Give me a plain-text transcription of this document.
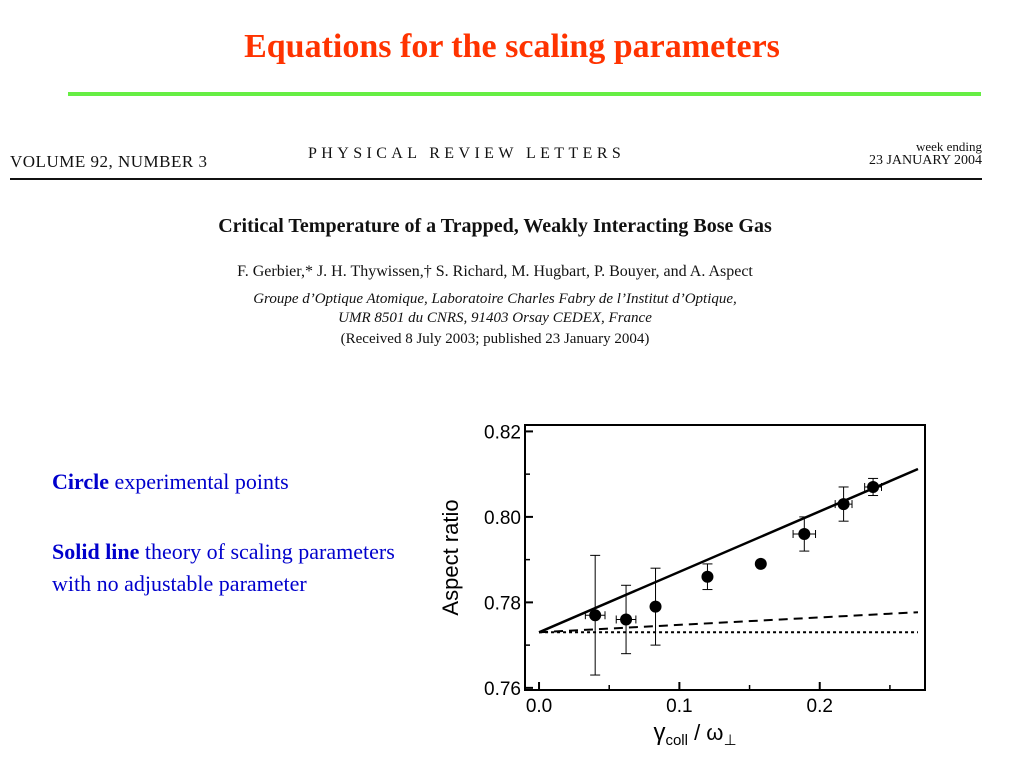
Equations for the scaling parameters
VOLUME 92, NUMBER 3	PHYSICAL REVIEW LETTERS	week ending
23 JANUARY 2004
Critical Temperature of a Trapped, Weakly Interacting Bose Gas
F. Gerbier,* J. H. Thywissen,† S. Richard, M. Hugbart, P. Bouyer, and A. Aspect
Groupe d’Optique Atomique, Laboratoire Charles Fabry de l’Institut d’Optique,
UMR 8501 du CNRS, 91403 Orsay CEDEX, France
(Received 8 July 2003; published 23 January 2004)
Circle experimental points
Solid line theory of scaling parameters with no adjustable parameter
0.76
0.78
0.80
0.82
0.0	0.1	0.2
Aspect ratio
$\gamma_{coll} / \omega_\perp$
